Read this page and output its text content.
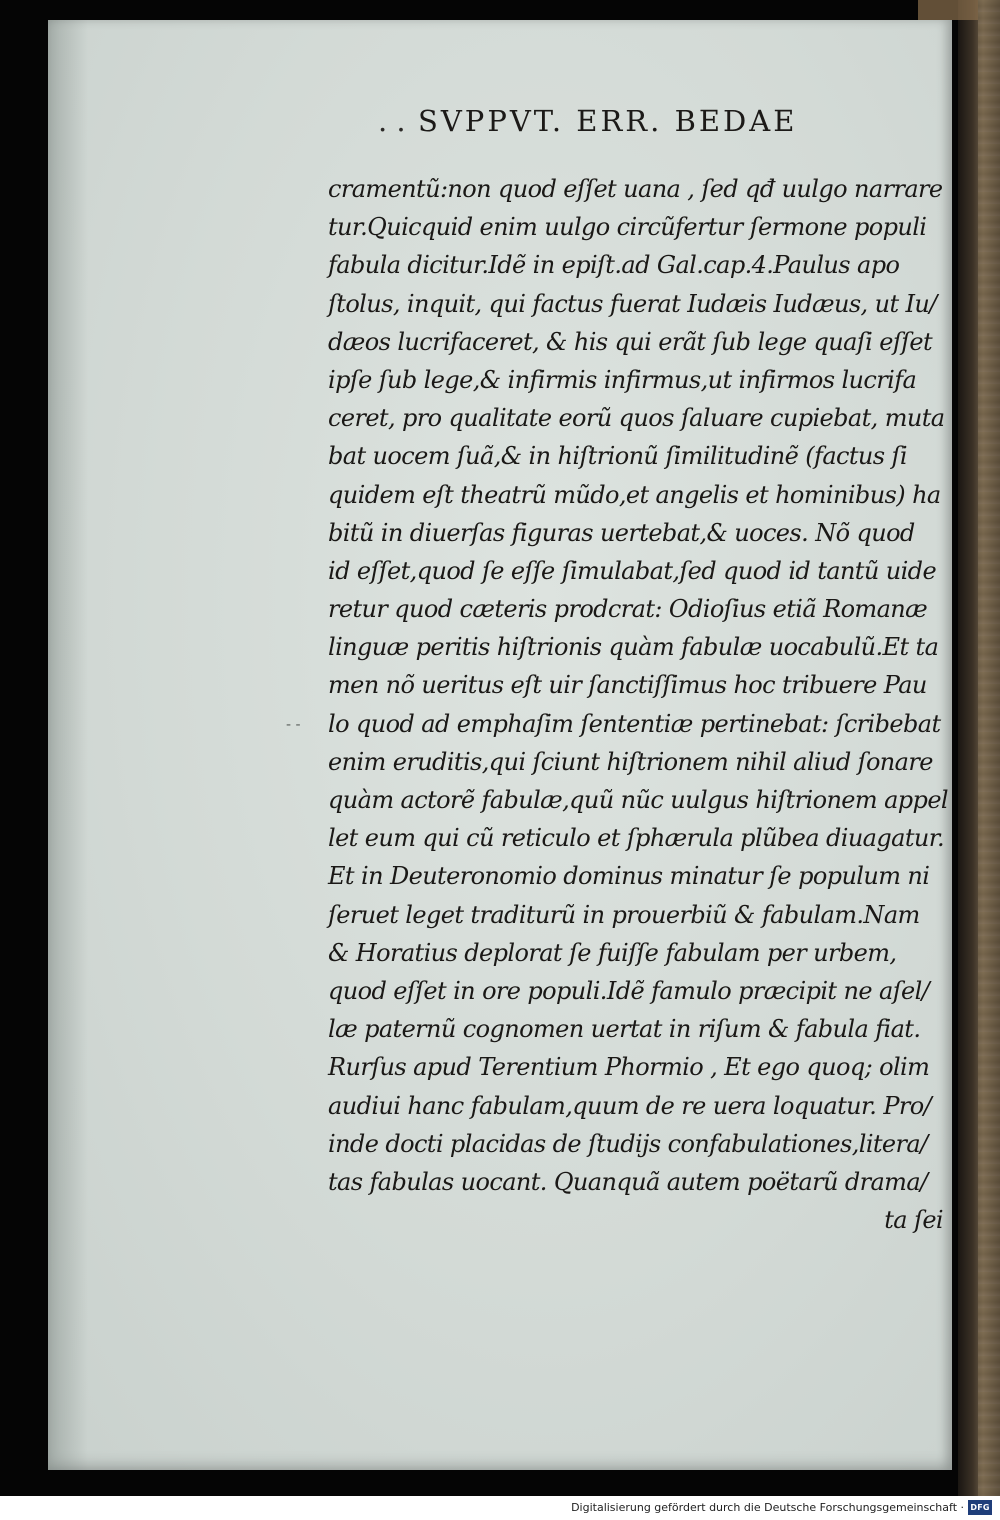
. . SVPPVT. ERR. BEDAE
- -
cramentũ:non quod eſſet uana , ſed qđ uulgo narrare
tur.Quicquid enim uulgo circũfertur ſermone populi
fabula dicitur.Idẽ in epiſt.ad Gal.cap.4.Paulus apo
ſtolus, inquit, qui factus fuerat Iudæis Iudæus, ut Iu/
dæos lucrifaceret, & his qui erãt ſub lege quaſi eſſet
ipſe ſub lege,& infirmis infirmus,ut infirmos lucrifa
ceret, pro qualitate eorũ quos ſaluare cupiebat, muta
bat uocem ſuã,& in hiſtrionũ ſimilitudinẽ (factus ſi
quidem eſt theatrũ mũdo,et angelis et hominibus) ha
bitũ in diuerſas figuras uertebat,& uoces. Nõ quod
id eſſet,quod ſe eſſe ſimulabat,ſed quod id tantũ uide
retur quod cæteris prodcrat: Odioſius etiã Romanæ
linguæ peritis hiſtrionis quàm fabulæ uocabulũ.Et ta
men nõ ueritus eſt uir ſanctiſſimus hoc tribuere Pau
lo quod ad emphaſim ſententiæ pertinebat: ſcribebat
enim eruditis,qui ſciunt hiſtrionem nihil aliud ſonare
quàm actorẽ fabulæ,quũ nũc uulgus hiſtrionem appel
let eum qui cũ reticulo et ſphærula plũbea diuagatur.
Et in Deuteronomio dominus minatur ſe populum ni
ſeruet leget traditurũ in prouerbiũ & fabulam.Nam
& Horatius deplorat ſe fuiſſe fabulam per urbem,
quod eſſet in ore populi.Idẽ famulo præcipit ne aſel/
læ paternũ cognomen uertat in riſum & fabula fiat.
Rurſus apud Terentium Phormio , Et ego quoq; olim
audiui hanc fabulam,quum de re uera loquatur. Pro/
inde docti placidas de ſtudijs confabulationes,litera/
tas fabulas uocant. Quanquã autem poëtarũ drama/
ta ſei
Digitalisierung gefördert durch die Deutsche Forschungsgemeinschaft · DFG
